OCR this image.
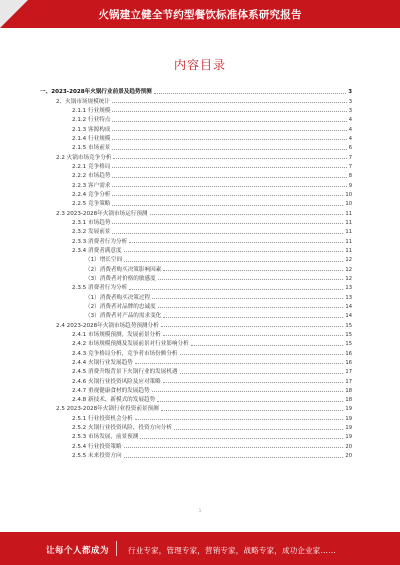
火锅建立健全节约型餐饮标准体系研究报告
内容目录
一、2023-2028年火锅行业前景及趋势预测	3
2、火锅市场规模统计	3
2.1.1 行业规模	3
2.1.2 行业特点	4
2.1.3 客源构成	4
2.1.4 行业规模	4
2.1.5 市场前景	6
2.2 火锅市场竞争分析	7
2.2.1 竞争格局	7
2.2.2 市场趋势	8
2.2.3 客户需求	9
2.2.4 竞争分析	10
2.2.5 竞争策略	10
2.3 2023-2028年火锅市场运行预测	11
2.3.1 市场趋势	11
2.3.2 发展前景	11
2.3.3 消费者行为分析	11
2.3.4 消费者满意度	11
（1）增长空间	12
（2）消费者购买决策影响因素	12
（3）消费者对价格的敏感度	12
2.3.5 消费者行为分析	13
（1）消费者购买决策过程	13
（2）消费者对品牌的忠诚度	14
（3）消费者对产品的需求变化	14
2.4 2023-2028年火锅市场趋势预测分析	15
2.4.1 市场规模预测，发展前景分析	15
2.4.2 市场规模预测及发展前景对行业影响分析	15
2.4.3 竞争格局分析，竞争者市场份额分析	16
2.4.4 火锅行业发展趋势	16
2.4.5 消费升级背景下火锅行业的发展机遇	17
2.4.6 火锅行业投资风险及应对策略	17
2.4.7 重视健康食材的发展趋势	18
2.4.8 新技术、新模式的发展趋势	18
2.5 2023-2028年火锅行业投资前景预测	19
2.5.1 行业投资机会分析	19
2.5.2 火锅行业投资风险，投资方向分析	19
2.5.3 市场发展，前景预测	19
2.5.4 行业投资策略	20
2.5.5 未来投资方向	20
1
让每个人都成为	行业专家，管理专家，营销专家，战略专家，成功企业家……
